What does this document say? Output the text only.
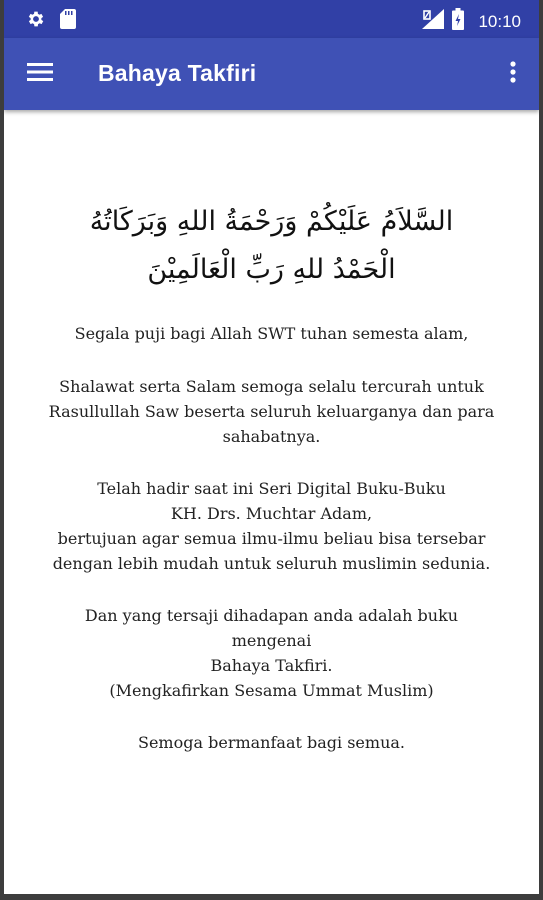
10:10
Bahaya Takfiri
السَّلاَمُ عَلَيْكُمْ وَرَحْمَةُ اللهِ وَبَرَكَاتُهُ
الْحَمْدُ للهِ رَبِّ الْعَالَمِيْنَ

Segala puji bagi Allah SWT tuhan semesta alam,

Shalawat serta Salam semoga selalu tercurah untuk
Rasullullah Saw beserta seluruh keluarganya dan para
sahabatnya.

Telah hadir saat ini Seri Digital Buku-Buku
KH. Drs. Muchtar Adam,
bertujuan agar semua ilmu-ilmu beliau bisa tersebar
dengan lebih mudah untuk seluruh muslimin sedunia.

Dan yang tersaji dihadapan anda adalah buku
mengenai
Bahaya Takfiri.
(Mengkafirkan Sesama Ummat Muslim)

Semoga bermanfaat bagi semua.
